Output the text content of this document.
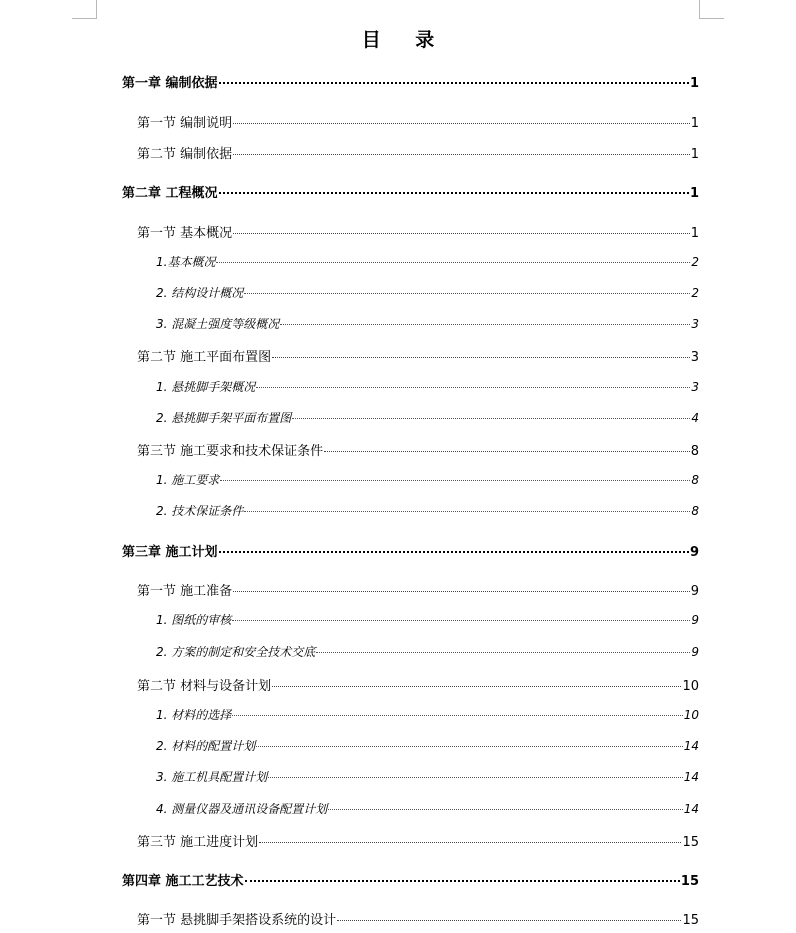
目 录
第一章 编制依据	1
第一节 编制说明	1
第二节 编制依据	1
第二章 工程概况	1
第一节 基本概况	1
1.基本概况	2
2. 结构设计概况	2
3. 混凝土强度等级概况	3
第二节 施工平面布置图	3
1. 悬挑脚手架概况	3
2. 悬挑脚手架平面布置图	4
第三节 施工要求和技术保证条件	8
1. 施工要求	8
2. 技术保证条件	8
第三章 施工计划	9
第一节 施工准备	9
1. 图纸的审核	9
2. 方案的制定和安全技术交底	9
第二节 材料与设备计划	10
1. 材料的选择	10
2. 材料的配置计划	14
3. 施工机具配置计划	14
4. 测量仪器及通讯设备配置计划	14
第三节 施工进度计划	15
第四章 施工工艺技术	15
第一节 悬挑脚手架搭设系统的设计	15
